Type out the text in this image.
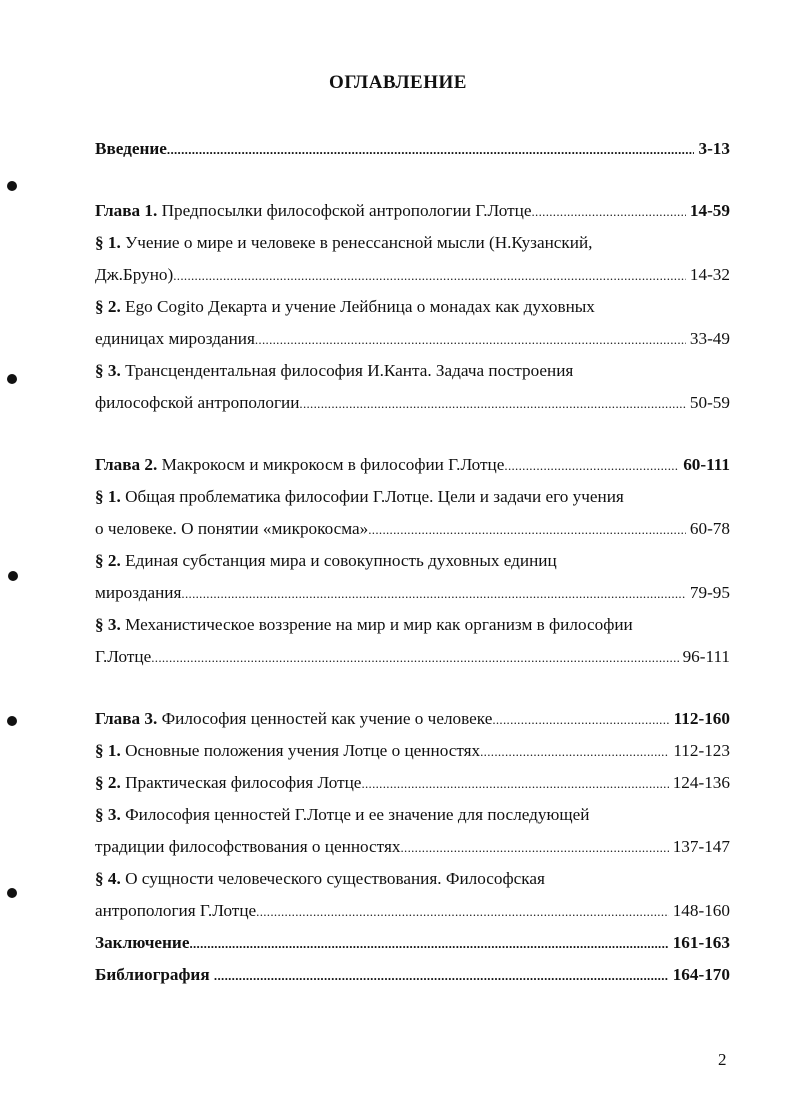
ОГЛАВЛЕНИЕ
Введение .....	3-13
Глава 1. Предпосылки философской антропологии Г.Лотце .....	14-59
§ 1. Учение о мире и человеке в ренессансной мысли (Н.Кузанский,
Дж.Бруно) .....	14-32
§ 2. Ego Cogito Декарта и учение Лейбница о монадах как духовных
единицах мироздания .....	33-49
§ 3. Трансцендентальная философия И.Канта. Задача построения
философской антропологии .....	50-59
Глава 2. Макрокосм и микрокосм в философии Г.Лотце .....	60-111
§ 1. Общая проблематика философии Г.Лотце. Цели и задачи его учения
о человеке. О понятии «микрокосма» .....	60-78
§ 2. Единая субстанция мира и совокупность духовных единиц
мироздания .....	79-95
§ 3. Механистическое воззрение на мир и мир как организм в философии
Г.Лотце .....	96-111
Глава 3. Философия ценностей как учение о человеке .....	112-160
§ 1. Основные положения учения Лотце о ценностях .....	112-123
§ 2. Практическая философия Лотце .....	124-136
§ 3. Философия ценностей Г.Лотце и ее значение для последующей
традиции философствования о ценностях .....	137-147
§ 4. О сущности человеческого существования. Философская
антропология Г.Лотце .....	148-160
Заключение .....	161-163
Библиография .....	164-170
2
